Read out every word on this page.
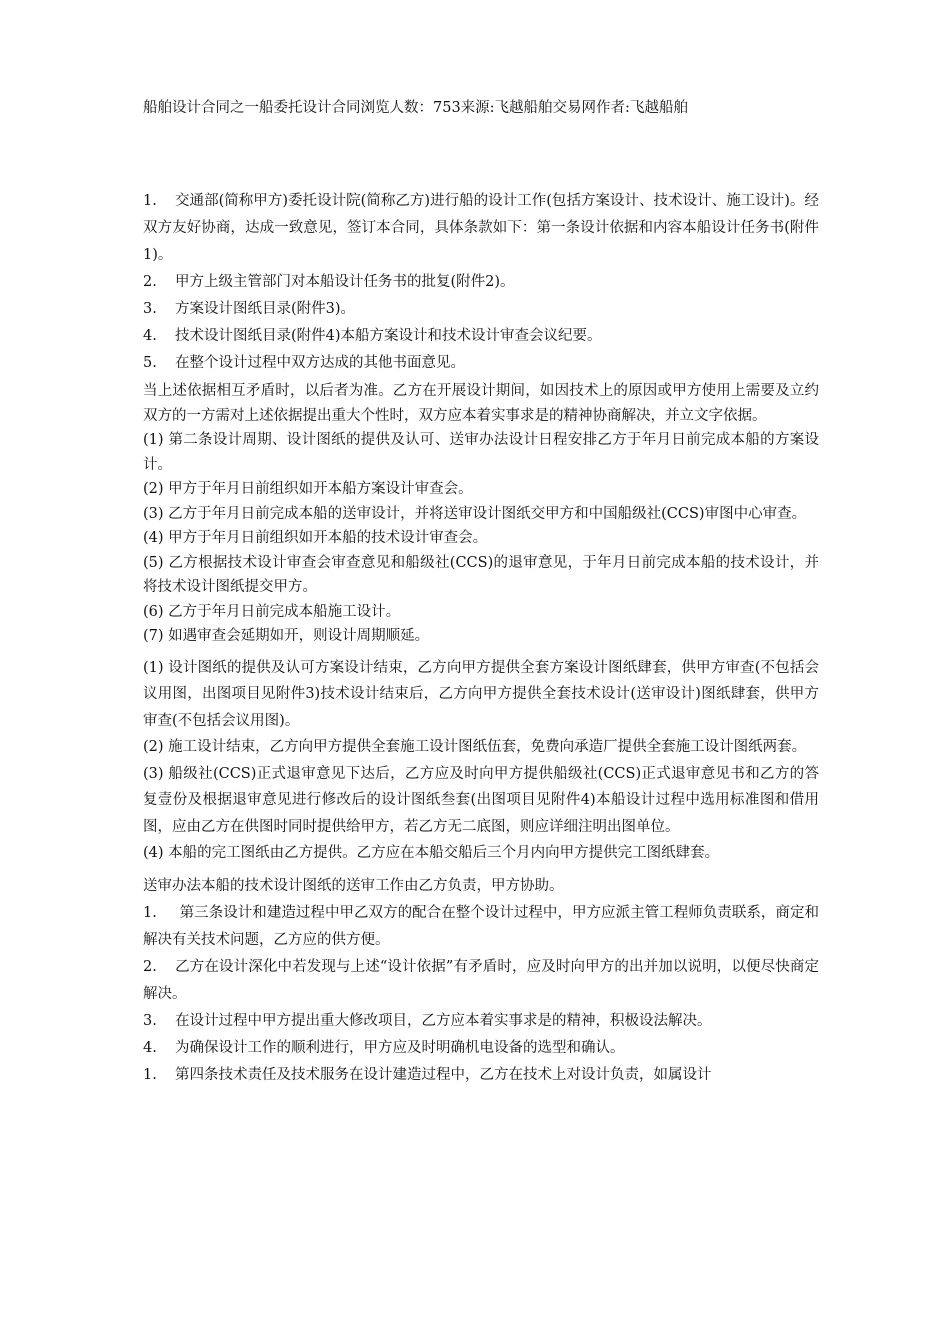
船舶设计合同之一船委托设计合同浏览人数：753来源:飞越船舶交易网作者:飞越船舶

1. 交通部(简称甲方)委托设计院(简称乙方)进行船的设计工作(包括方案设计、技术设计、施工设计)。经双方友好协商，达成一致意见，签订本合同，具体条款如下：第一条设计依据和内容本船设计任务书(附件1)。

2. 甲方上级主管部门对本船设计任务书的批复(附件2)。

3. 方案设计图纸目录(附件3)。

4. 技术设计图纸目录(附件4)本船方案设计和技术设计审查会议纪要。

5. 在整个设计过程中双方达成的其他书面意见。

当上述依据相互矛盾时，以后者为准。乙方在开展设计期间，如因技术上的原因或甲方使用上需要及立约双方的一方需对上述依据提出重大个性时，双方应本着实事求是的精神协商解决，并立文字依据。

(1) 第二条设计周期、设计图纸的提供及认可、送审办法设计日程安排乙方于年月日前完成本船的方案设计。

(2) 甲方于年月日前组织如开本船方案设计审查会。

(3) 乙方于年月日前完成本船的送审设计，并将送审设计图纸交甲方和中国船级社(CCS)审图中心审查。

(4) 甲方于年月日前组织如开本船的技术设计审查会。

(5) 乙方根据技术设计审查会审查意见和船级社(CCS)的退审意见，于年月日前完成本船的技术设计，并将技术设计图纸提交甲方。

(6) 乙方于年月日前完成本船施工设计。

(7) 如遇审查会延期如开，则设计周期顺延。

(1) 设计图纸的提供及认可方案设计结束，乙方向甲方提供全套方案设计图纸肆套，供甲方审查(不包括会议用图，出图项目见附件3)技术设计结束后，乙方向甲方提供全套技术设计(送审设计)图纸肆套，供甲方审查(不包括会议用图)。

(2) 施工设计结束，乙方向甲方提供全套施工设计图纸伍套，免费向承造厂提供全套施工设计图纸两套。

(3) 船级社(CCS)正式退审意见下达后，乙方应及时向甲方提供船级社(CCS)正式退审意见书和乙方的答复壹份及根据退审意见进行修改后的设计图纸叁套(出图项目见附件4)本船设计过程中选用标准图和借用图，应由乙方在供图时同时提供给甲方，若乙方无二底图，则应详细注明出图单位。

(4) 本船的完工图纸由乙方提供。乙方应在本船交船后三个月内向甲方提供完工图纸肆套。

送审办法本船的技术设计图纸的送审工作由乙方负责，甲方协助。

1. 第三条设计和建造过程中甲乙双方的配合在整个设计过程中，甲方应派主管工程师负责联系，商定和解决有关技术问题，乙方应的供方便。

2. 乙方在设计深化中若发现与上述“设计依据”有矛盾时，应及时向甲方的出并加以说明，以便尽快商定解决。

3. 在设计过程中甲方提出重大修改项目，乙方应本着实事求是的精神，积极设法解决。

4. 为确保设计工作的顺利进行，甲方应及时明确机电设备的选型和确认。

1. 第四条技术责任及技术服务在设计建造过程中，乙方在技术上对设计负责，如属设计
